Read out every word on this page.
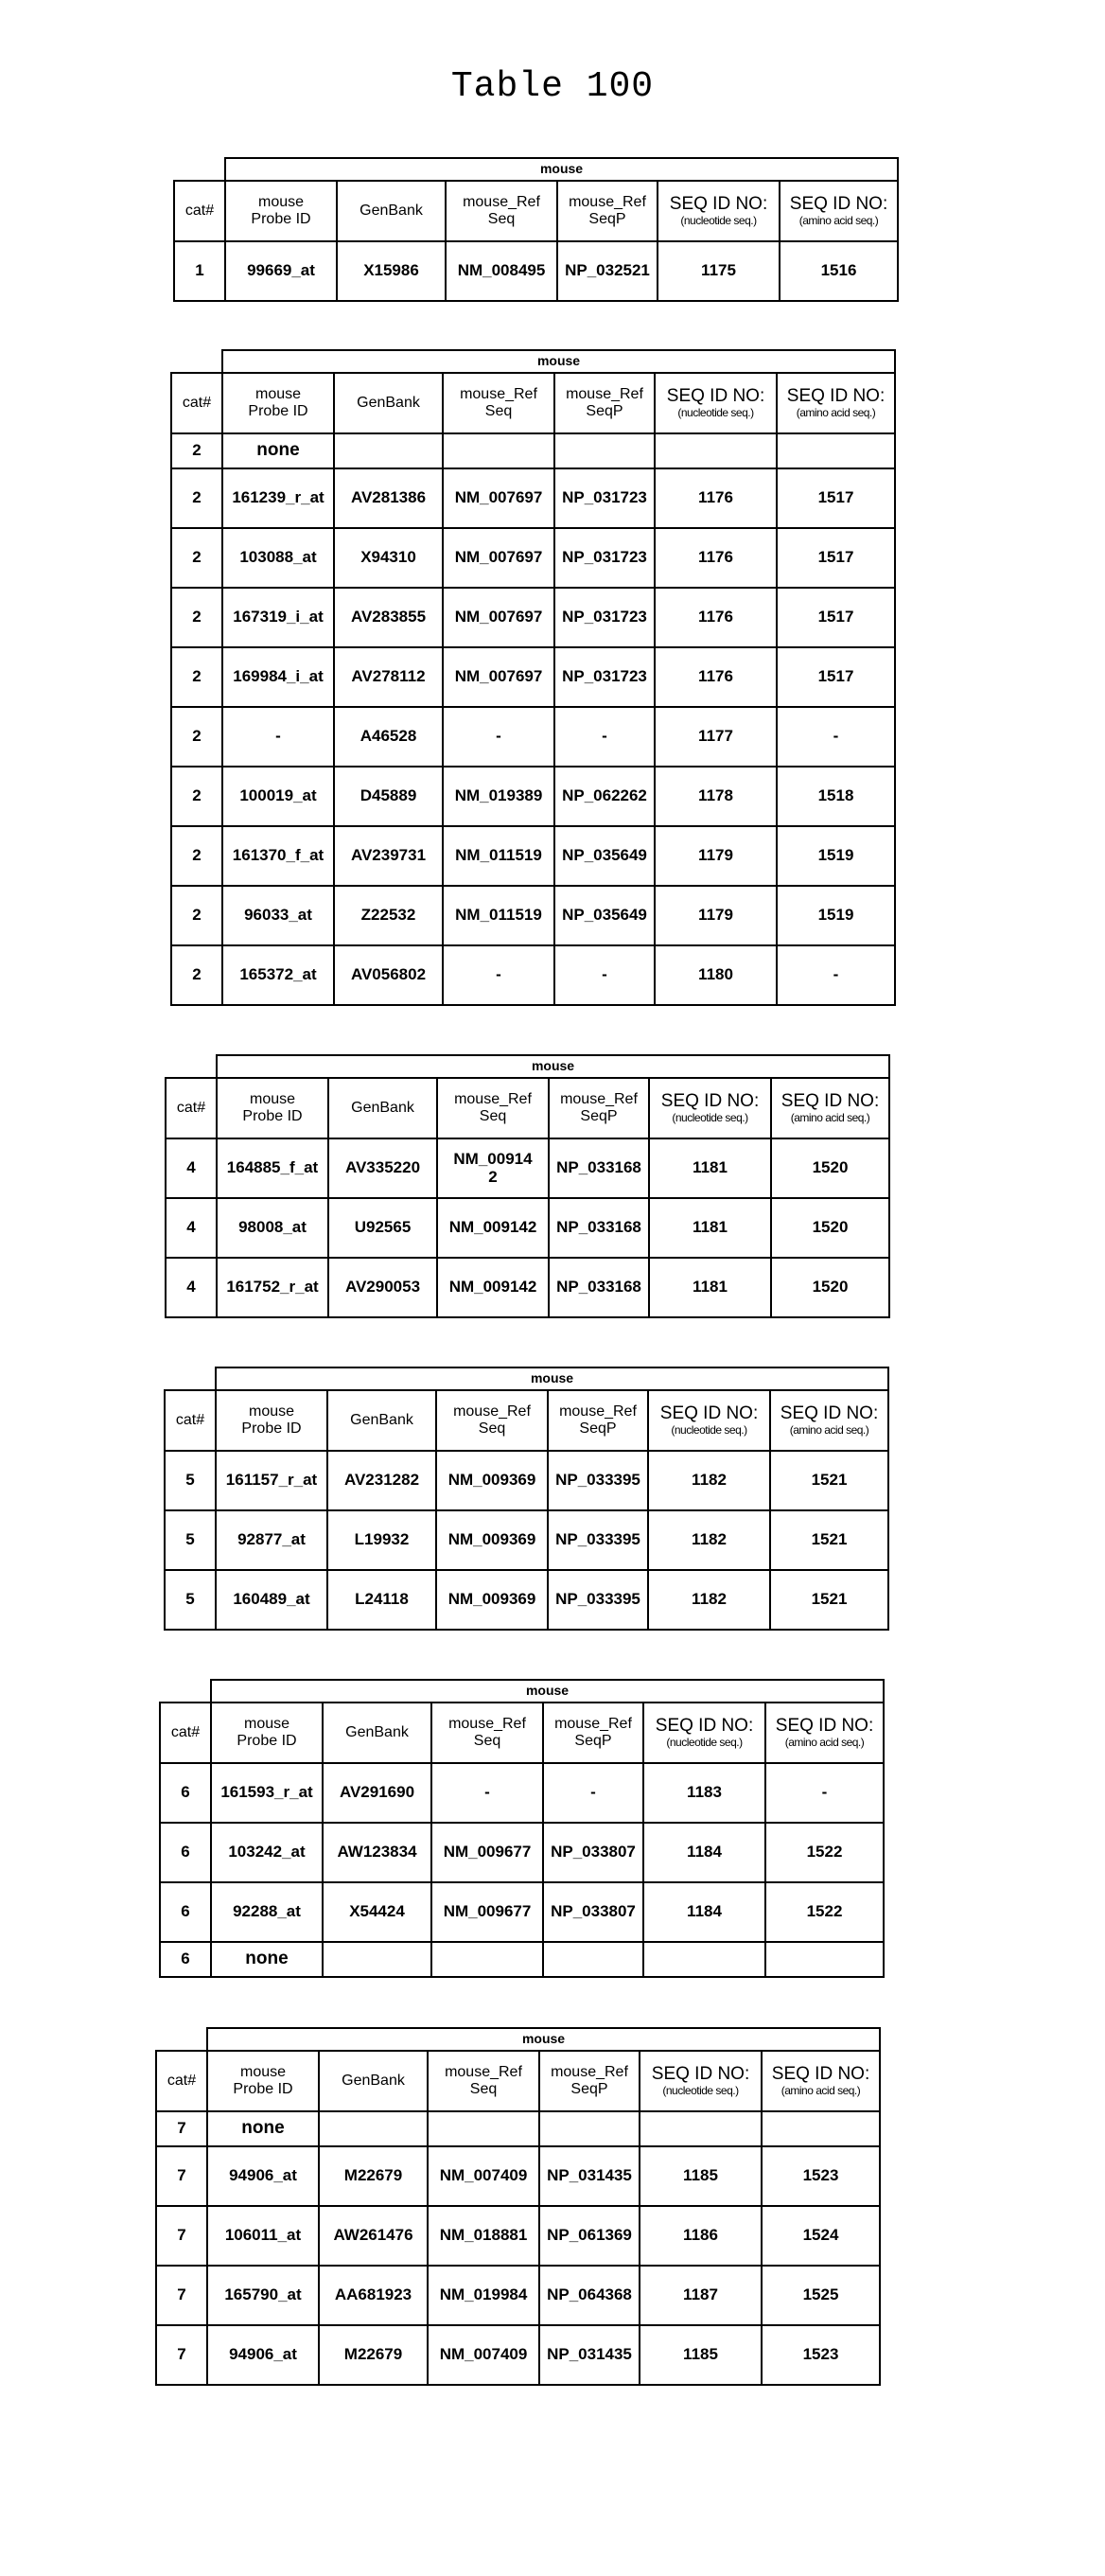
Table 100
	mouse
cat#	mouse Probe ID	GenBank	mouse_Ref Seq	mouse_Ref SeqP	SEQ ID NO:
(nucleotide seq.)
	SEQ ID NO:
(amino acid seq.)

1	99669_at	X15986	NM_008495	NP_032521	1175	1516
	mouse
cat#	mouse Probe ID	GenBank	mouse_Ref Seq	mouse_Ref SeqP	SEQ ID NO:
(nucleotide seq.)
	SEQ ID NO:
(amino acid seq.)

2	none					
2	161239_r_at	AV281386	NM_007697	NP_031723	1176	1517
2	103088_at	X94310	NM_007697	NP_031723	1176	1517
2	167319_i_at	AV283855	NM_007697	NP_031723	1176	1517
2	169984_i_at	AV278112	NM_007697	NP_031723	1176	1517
2	-	A46528	-	-	1177	-
2	100019_at	D45889	NM_019389	NP_062262	1178	1518
2	161370_f_at	AV239731	NM_011519	NP_035649	1179	1519
2	96033_at	Z22532	NM_011519	NP_035649	1179	1519
2	165372_at	AV056802	-	-	1180	-
	mouse
cat#	mouse Probe ID	GenBank	mouse_Ref Seq	mouse_Ref SeqP	SEQ ID NO:
(nucleotide seq.)
	SEQ ID NO:
(amino acid seq.)

4	164885_f_at	AV335220	NM_00914
2	NP_033168	1181	1520
4	98008_at	U92565	NM_009142	NP_033168	1181	1520
4	161752_r_at	AV290053	NM_009142	NP_033168	1181	1520
	mouse
cat#	mouse Probe ID	GenBank	mouse_Ref Seq	mouse_Ref SeqP	SEQ ID NO:
(nucleotide seq.)
	SEQ ID NO:
(amino acid seq.)

5	161157_r_at	AV231282	NM_009369	NP_033395	1182	1521
5	92877_at	L19932	NM_009369	NP_033395	1182	1521
5	160489_at	L24118	NM_009369	NP_033395	1182	1521
	mouse
cat#	mouse Probe ID	GenBank	mouse_Ref Seq	mouse_Ref SeqP	SEQ ID NO:
(nucleotide seq.)
	SEQ ID NO:
(amino acid seq.)

6	161593_r_at	AV291690	-	-	1183	-
6	103242_at	AW123834	NM_009677	NP_033807	1184	1522
6	92288_at	X54424	NM_009677	NP_033807	1184	1522
6	none					
	mouse
cat#	mouse Probe ID	GenBank	mouse_Ref Seq	mouse_Ref SeqP	SEQ ID NO:
(nucleotide seq.)
	SEQ ID NO:
(amino acid seq.)

7	none					
7	94906_at	M22679	NM_007409	NP_031435	1185	1523
7	106011_at	AW261476	NM_018881	NP_061369	1186	1524
7	165790_at	AA681923	NM_019984	NP_064368	1187	1525
7	94906_at	M22679	NM_007409	NP_031435	1185	1523
